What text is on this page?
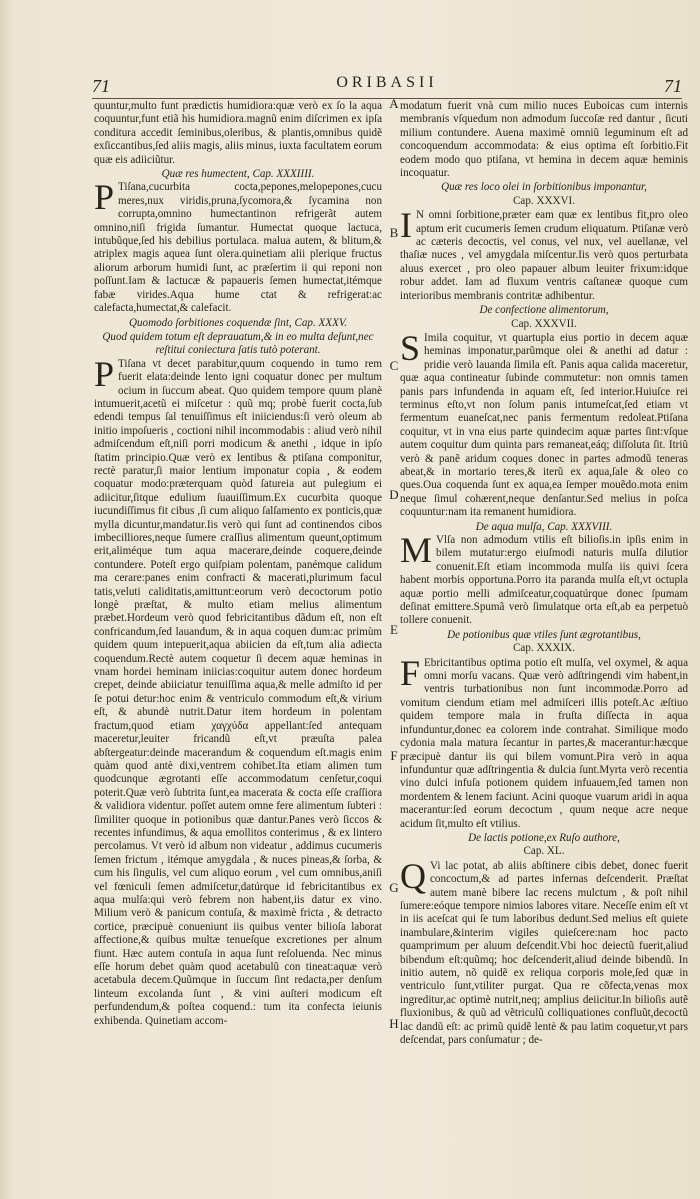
71	ORIBASII	71
A
B
C
D
E
F
G
H

quuntur,multo funt prædictis humidiora:quæ verò ex ſo la aqua coquuntur,funt etiã his humidiora.magnũ enim diſcrimen ex ipſa conditura accedit ſeminibus,oleribus, & plantis,omnibus quidẽ exſiccantibus,ſed aliis magis, aliis minus, iuxta facultatem eorum quæ eis adiiciũtur.

Quæ res humectent, Cap. XXXIIII.

P Tiſana,cucurbita cocta,pepones,melopepones,cucu meres,nux viridis,pruna,ſycomora,& ſycamina non corrupta,omnino humectantinon refrigerãt autem omnino,niſi frigida ſumantur. Humectat quoque lactuca, intubũque,ſed his debilius portulaca. malua autem, & blitum,& atriplex magis aquea ſunt olera.quinetiam alii plerique fructus aliorum arborum humidi ſunt, ac præſertim ii qui reponi non poſſunt.Iam & lactucæ & papaueris ſemen humectat,itémque fabæ virides.Aqua hume ctat & refrigerat:ac calefacta,humectat,& calefacit.

Quomodo ſorbitiones coquendæ ſint, Cap. XXXV.
Quod quidem totum eſt deprauatum,& in eo multa deſunt,nec reſtitui coniectura ſatis tutò poterant.

P Tiſana vt decet parabitur,quum coquendo in tumo rem fuerit elata:deinde lento igni coquatur donec per multum ocium in ſuccum abeat. Quo quidem tempore quum planè intumuerit,acetũ ei miſcetur : quũ mq; probè fuerit cocta,ſub edendi tempus ſal tenuiſſimus eſt iniiciendus:ſi verò oleum ab initio impoſueris , coctioni nihil incommodabis : aliud verò nihil admiſcendum eſt,niſi porri modicum & anethi , idque in ipſo ſtatim principio.Quæ verò ex lentibus & ptiſana componitur, rectè paratur,ſi maior lentium imponatur copia , & eodem coquatur modo:præterquam quòd ſatureia aut pulegium ei adiicitur,ſitque edulium ſuauiſſimum.Ex cucurbita quoque iucundiſſimus fit cibus ,ſi cum aliquo ſalſamento ex ponticis,quæ mylla dicuntur,mandatur.Iis verò qui ſunt ad continendos cibos imbecilliores,neque ſumere craſſius alimentum queunt,optimum erit,aliméque tum aqua macerare,deinde coquere,deinde contundere. Poteſt ergo quiſpiam polentam, panémque calidum ma cerare:panes enim confracti & macerati,plurimum facul tatis,veluti caliditatis,amittunt:eorum verò decoctorum potio longè præſtat, & multo etiam melius alimentum præbet.Hordeum verò quod febricitantibus dãdum eſt, non eſt confricandum,ſed lauandum, & in aqua coquen dum:ac primùm quidem quum intepuerit,aqua abiicien da eſt,tum alia adiecta coquendum.Rectè autem coquetur ſi decem aquæ heminas in vnam hordei heminam iniicias:coquitur autem donec hordeum crepet, deinde abiiciatur tenuiſſima aqua,& melle admiſto id per ſe potui detur:hoc enim & ventriculo commodum eſt,& virium eſt, & abundè nutrit.Datur item hordeum in polentam fractum,quod etiam χαγχύδα appellant:ſed antequam maceretur,leuiter fricandũ eſt,vt præuſta palea abſtergeatur:deinde macerandum & coquendum eſt.magis enim quàm quod antè dixi,ventrem cohibet.Ita etiam alimen tum quodcunque ægrotanti eſſe accommodatum cenſetur,coqui poterit.Quæ verò ſubtrita ſunt,ea macerata & cocta eſſe craſſiora & validiora videntur. poſſet autem omne fere alimentum ſubteri : ſimiliter quoque in potionibus quæ dantur.Panes verò ſiccos & recentes infundimus, & aqua emollitos conterimus , & ex lintero percolamus. Vt verò id album non videatur , addimus cucumeris ſemen frictum , itémque amygdala , & nuces pineas,& ſorba, & cum his ſingulis, vel cum aliquo eorum , vel cum omnibus,aniſi vel fœniculi ſemen admiſcetur,datúrque id febricitantibus ex aqua mulſa:qui verò febrem non habent,iis datur ex vino. Milium verò & panicum contuſa, & maximè fricta , & detracto cortice, præcipuè conueniunt iis quibus venter bilioſa laborat affectione,& quibus multæ tenueſque excretiones per alnum fiunt. Hæc autem contuſa in aqua ſunt reſoluenda. Nec minus eſſe horum debet quàm quod acetabulũ con tineat:aquæ verò acetabula decem.Quũmque in ſuccum ſint redacta,per denſum linteum excolanda ſunt , & vini auſteri modicum eſt perfundendum,& poſtea coquend.: tum ita confecta ieiunis exhibenda. Quinetiam accom-

modatum fuerit vnà cum milio nuces Euboicas cum internis membranis vſquedum non admodum ſuccoſæ red dantur , ſicuti milium contundere. Auena maximè omniũ leguminum eſt ad concoquendum accommodata: & eius optima eſt ſorbitio.Fit eodem modo quo ptiſana, vt hemina in decem aquæ heminis incoquatur.

Quæ res loco olei in ſorbitionibus imponantur,
Cap. XXXVI.

I N omni ſorbitione,præter eam quæ ex lentibus fit,pro oleo aptum erit cucumeris ſemen crudum eliquatum. Ptiſanæ verò ac cæteris decoctis, vel conus, vel nux, vel auellanæ, vel thaſiæ nuces , vel amygdala miſcentur.Iis verò quos perturbata aluus exercet , pro oleo papauer album leuiter frixum:idque robur addet. Iam ad fluxum ventris caſtaneæ quoque cum interioribus membranis contritæ adhibentur.

De confectione alimentorum,
Cap. XXXVII.

S Imila coquitur, vt quartupla eius portio in decem aquæ heminas imponatur,parũmque olei & anethi ad datur : pridie verò lauanda ſimila eſt. Panis aqua calida maceretur, quæ aqua contineatur ſubinde commutetur: non omnis tamen panis pars infundenda in aquam eſt, ſed interior.Huiuſce rei terminus eſto,vt non ſolum panis intumeſcat,ſed etiam vt fermentum euaneſcat,nec panis fermentum redoleat.Ptiſana coquitur, vt in vna eius parte quindecim aquæ partes ſint:vſque autem coquitur dum quinta pars remaneat,eáq; diſſoluta ſit. Itriũ verò & panẽ aridum coques donec in partes admodũ teneras abeat,& in mortario teres,& iterũ ex aqua,ſale & oleo co ques.Oua coquenda ſunt ex aqua,ea ſemper mouẽdo.mota enim neque ſimul cohærent,neque denſantur.Sed melius in poſca coquuntur:nam ita remanent humidiora.

De aqua mulſa, Cap. XXXVIII.

M Vlſa non admodum vtilis eſt bilioſis.in ipſis enim in bilem mutatur:ergo eiuſmodi naturis mulſa dilutior conuenit.Eſt etiam incommoda mulſa iis quivi ſcera habent morbis opportuna.Porro ita paranda mulſa eſt,vt octupla aquæ portio melli admiſceatur,coquatúrque donec ſpumam deſinat emittere.Spumã verò ſimulatque orta eſt,ab ea perpetuò tollere conuenit.

De potionibus quæ vtiles ſunt ægrotantibus,
Cap. XXXIX.

F Ebricitantibus optima potio eſt mulſa, vel oxymel, & aqua omni morſu vacans. Quæ verò adſtringendi vim habent,in ventris turbationibus non ſunt incommodæ.Porro ad vomitum ciendum etiam mel admiſceri illis poteſt.Ac æſtiuo quidem tempore mala in fruſta diſſecta in aqua infunduntur,donec ea colorem inde contrahat. Similique modo cydonia mala matura ſecantur in partes,& macerantur:hæcque præcipuè dantur iis qui bilem vomunt.Pira verò in aqua infunduntur quæ adſtringentia & dulcia ſunt.Myrta verò recentia vino dulci infuſa potionem quidem infuauem,ſed tamen non mordentem & lenem faciunt. Acini quoque vuarum aridi in aqua macerantur:ſed eorum decoctum , quum neque acre neque acidum ſit,multo eſt vtilius.

De lactis potione,ex Ruſo authore,
Cap. XL.

Q Vi lac potat, ab aliis abſtinere cibis debet, donec fuerit concoctum,& ad partes infernas deſcenderit. Præſtat autem manè bibere lac recens mulctum , & poſt nihil ſumere:eóque tempore nimios labores vitare. Neceſſe enim eſt vt in iis aceſcat qui ſe tum laboribus dedunt.Sed melius eſt quiete inambulare,&interim vigiles quieſcere:nam hoc pacto quamprimum per aluum deſcendit.Vbi hoc deiectũ fuerit,aliud bibendum eſt:quũmq; hoc deſcenderit,aliud deinde bibendũ. In initio autem, nõ quidẽ ex reliqua corporis mole,ſed quæ in ventriculo ſunt,vtiliter purgat. Qua re cõfecta,venas mox ingreditur,ac optimè nutrit,neq; amplius deiicitur.In bilioſis autẽ fluxionibus, & quũ ad vẽtriculũ colliquationes confluũt,decoctũ lac dandũ eſt: ac primũ quidẽ lentè & pau latim coquetur,vt pars deſcendat, pars conſumatur ; de-
